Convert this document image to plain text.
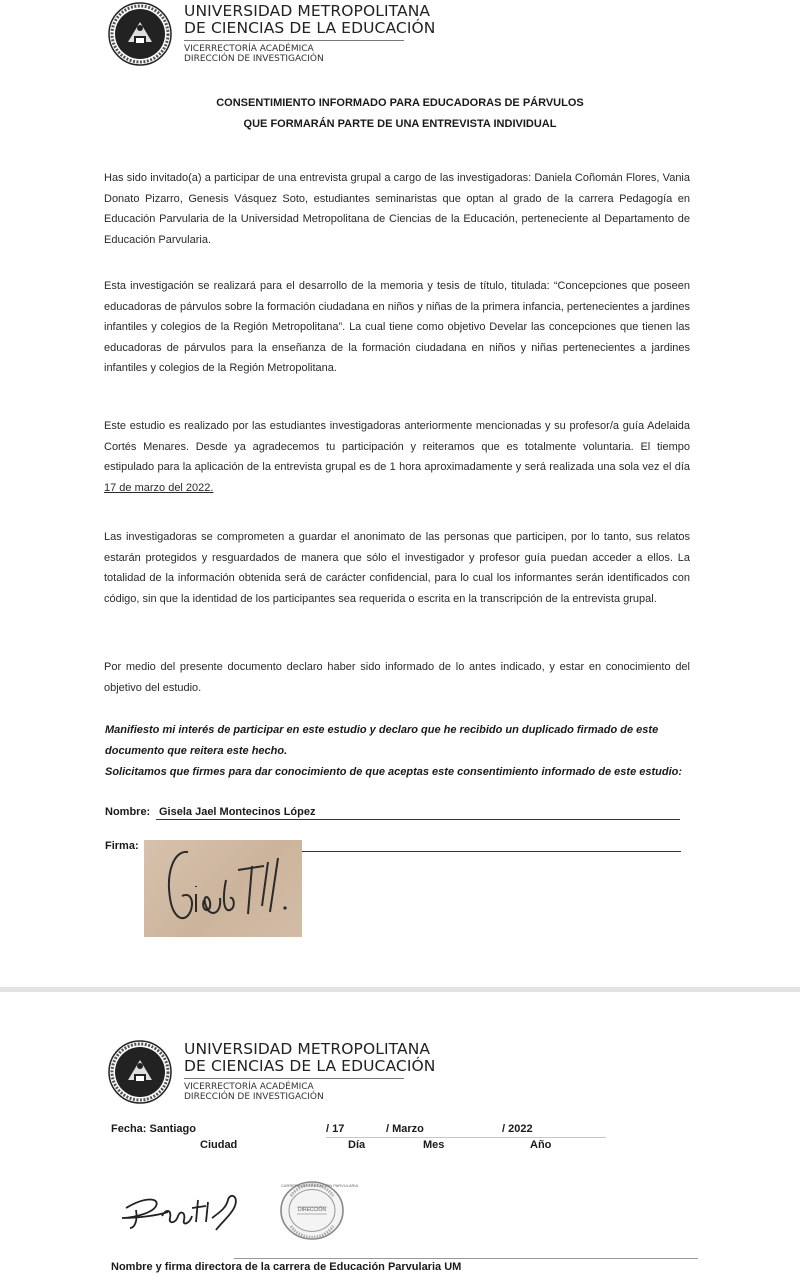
UNIVERSIDAD METROPOLITANA
DE CIENCIAS DE LA EDUCACIÓN
VICERRECTORÍA ACADÉMICA
DIRECCIÓN DE INVESTIGACIÓN
CONSENTIMIENTO INFORMADO PARA EDUCADORAS DE PÁRVULOS
QUE FORMARÁN PARTE DE UNA ENTREVISTA INDIVIDUAL

Has sido invitado(a) a participar de una entrevista grupal a cargo de las investigadoras: Daniela Coñomán Flores, Vania Donato Pizarro, Genesis Vásquez Soto, estudiantes seminaristas que optan al grado de la carrera Pedagogía en Educación Parvularia de la Universidad Metropolitana de Ciencias de la Educación, perteneciente al Departamento de Educación Parvularia.

Esta investigación se realizará para el desarrollo de la memoria y tesis de título, titulada: “Concepciones que poseen educadoras de párvulos sobre la formación ciudadana en niños y niñas de la primera infancia, pertenecientes a jardines infantiles y colegios de la Región Metropolitana”. La cual tiene como objetivo Develar las concepciones que tienen las educadoras de párvulos para la enseñanza de la formación ciudadana en niños y niñas pertenecientes a jardines infantiles y colegios de la Región Metropolitana.

Este estudio es realizado por las estudiantes investigadoras anteriormente mencionadas y su profesor/a guía Adelaida Cortés Menares. Desde ya agradecemos tu participación y reiteramos que es totalmente voluntaria. El tiempo estipulado para la aplicación de la entrevista grupal es de 1 hora aproximadamente y será realizada una sola vez el día 17 de marzo del 2022.

Las investigadoras se comprometen a guardar el anonimato de las personas que participen, por lo tanto, sus relatos estarán protegidos y resguardados de manera que sólo el investigador y profesor guía puedan acceder a ellos. La totalidad de la información obtenida será de carácter confidencial, para lo cual los informantes serán identificados con código, sin que la identidad de los participantes sea requerida o escrita en la transcripción de la entrevista grupal.

Por medio del presente documento declaro haber sido informado de lo antes indicado, y estar en conocimiento del objetivo del estudio.

Manifiesto mi interés de participar en este estudio y declaro que he recibido un duplicado firmado de este documento que reitera este hecho.
Solicitamos que firmes para dar conocimiento de que aceptas este consentimiento informado de este estudio:
Nombre: Gisela Jael Montecinos López
Firma:
UNIVERSIDAD METROPOLITANA
DE CIENCIAS DE LA EDUCACIÓN
VICERRECTORÍA ACADÉMICA
DIRECCIÓN DE INVESTIGACIÓN
Fecha: Santiago	/ 17	/ Marzo	/ 2022
Ciudad	Día	Mes	Año
CARRERA DE EDUCACIÓN PARVULARIA
DIRECCIÓN
Nombre y firma directora de la carrera de Educación Parvularia UM
